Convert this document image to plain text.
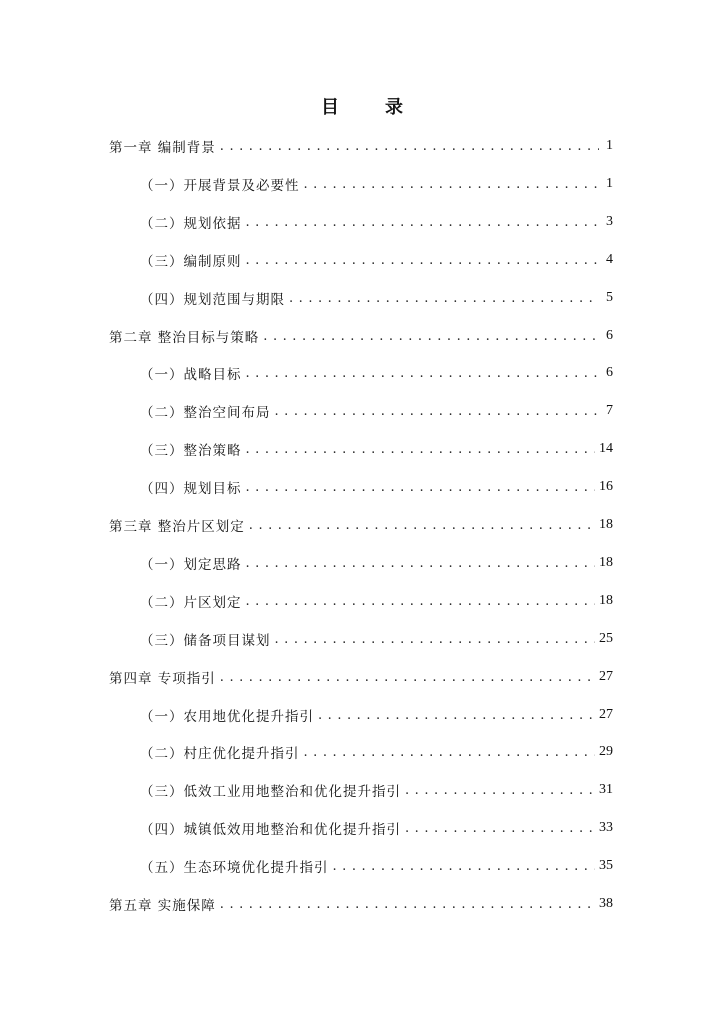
目　录
第一章 编制背景 . . .	1
（一）开展背景及必要性 . . .	1
（二）规划依据 . . .	3
（三）编制原则 . . .	4
（四）规划范围与期限 . . .	5
第二章 整治目标与策略 . . .	6
（一）战略目标 . . .	6
（二）整治空间布局 . . .	7
（三）整治策略 . . .	14
（四）规划目标 . . .	16
第三章 整治片区划定 . . .	18
（一）划定思路 . . .	18
（二）片区划定 . . .	18
（三）储备项目谋划 . . .	25
第四章 专项指引 . . .	27
（一）农用地优化提升指引 . . .	27
（二）村庄优化提升指引 . . .	29
（三）低效工业用地整治和优化提升指引 . . .	31
（四）城镇低效用地整治和优化提升指引 . . .	33
（五）生态环境优化提升指引 . . .	35
第五章 实施保障 . . .	38
